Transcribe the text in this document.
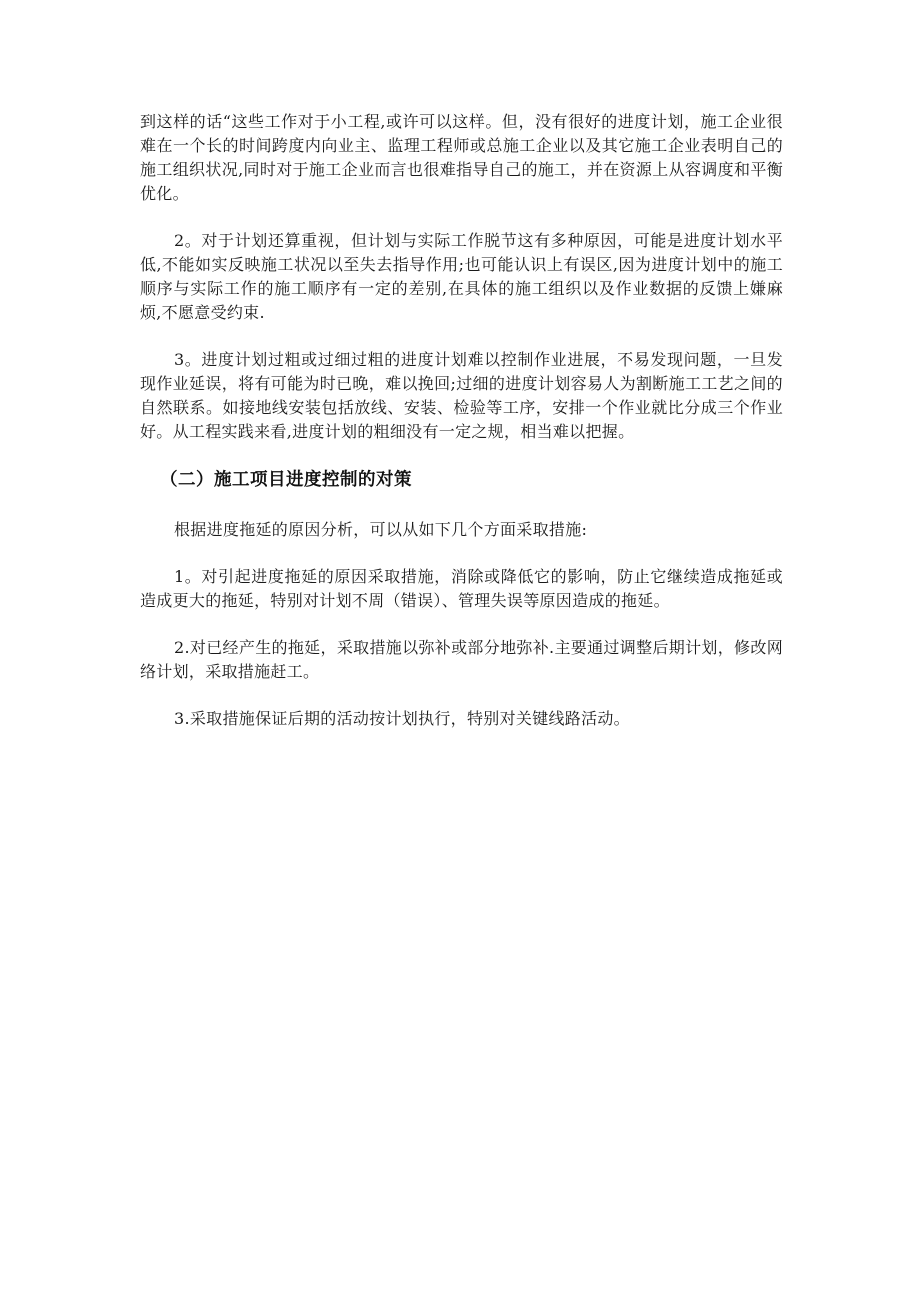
到这样的话“这些工作对于小工程,或许可以这样。但，没有很好的进度计划，施工企业很难在一个长的时间跨度内向业主、监理工程师或总施工企业以及其它施工企业表明自己的施工组织状况,同时对于施工企业而言也很难指导自己的施工，并在资源上从容调度和平衡优化。

2。对于计划还算重视，但计划与实际工作脱节这有多种原因，可能是进度计划水平低,不能如实反映施工状况以至失去指导作用;也可能认识上有误区,因为进度计划中的施工顺序与实际工作的施工顺序有一定的差别,在具体的施工组织以及作业数据的反馈上嫌麻烦,不愿意受约束.

3。进度计划过粗或过细过粗的进度计划难以控制作业进展，不易发现问题，一旦发现作业延误，将有可能为时已晚，难以挽回;过细的进度计划容易人为割断施工工艺之间的自然联系。如接地线安装包括放线、安装、检验等工序，安排一个作业就比分成三个作业好。从工程实践来看,进度计划的粗细没有一定之规，相当难以把握。

（二）施工项目进度控制的对策

根据进度拖延的原因分析，可以从如下几个方面采取措施:

1。对引起进度拖延的原因采取措施，消除或降低它的影响，防止它继续造成拖延或造成更大的拖延，特别对计划不周（错误）、管理失误等原因造成的拖延。

2.对已经产生的拖延，采取措施以弥补或部分地弥补.主要通过调整后期计划，修改网络计划，采取措施赶工。

3.采取措施保证后期的活动按计划执行，特别对关键线路活动。
